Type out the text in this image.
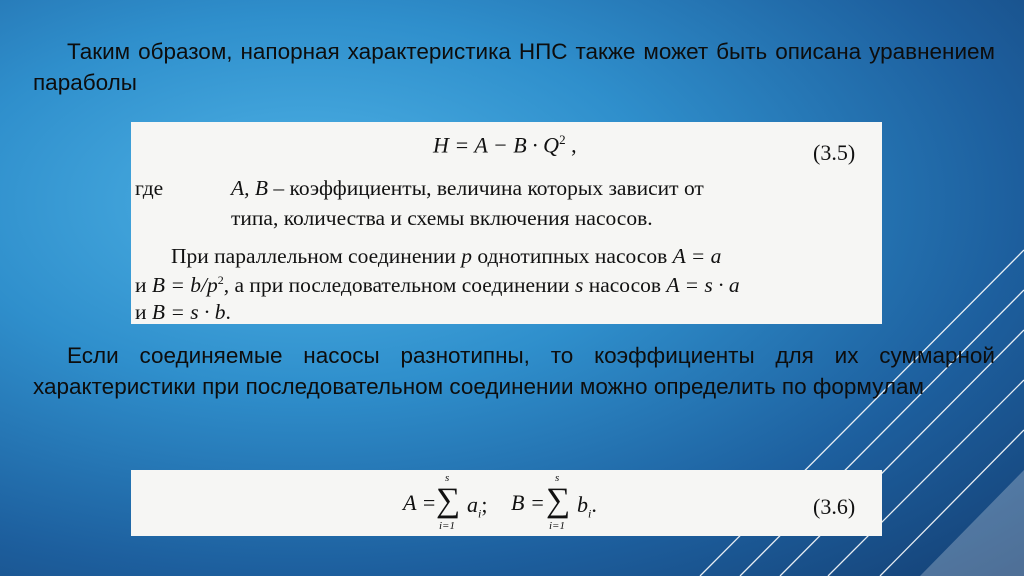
Таким образом, напорная характеристика НПС также может быть описана уравнением параболы
$H = A - B \cdot Q^2$ ,	(3.5)
где	A, B – коэффициенты, величина которых зависит от
типа, количества и схемы включения насосов.
При параллельном соединении p однотипных насосов A = a
и $B = b/p^2$, а при последовательном соединении s насосов A = s · a
и B = s · b.
Если соединяемые насосы разнотипны, то коэффициенты для их суммарной характеристики при последовательном соединении можно определить по формулам
A =
s
∑
i=1
$a_i$; B =
s
∑
i=1
$b_i$.	(3.6)
